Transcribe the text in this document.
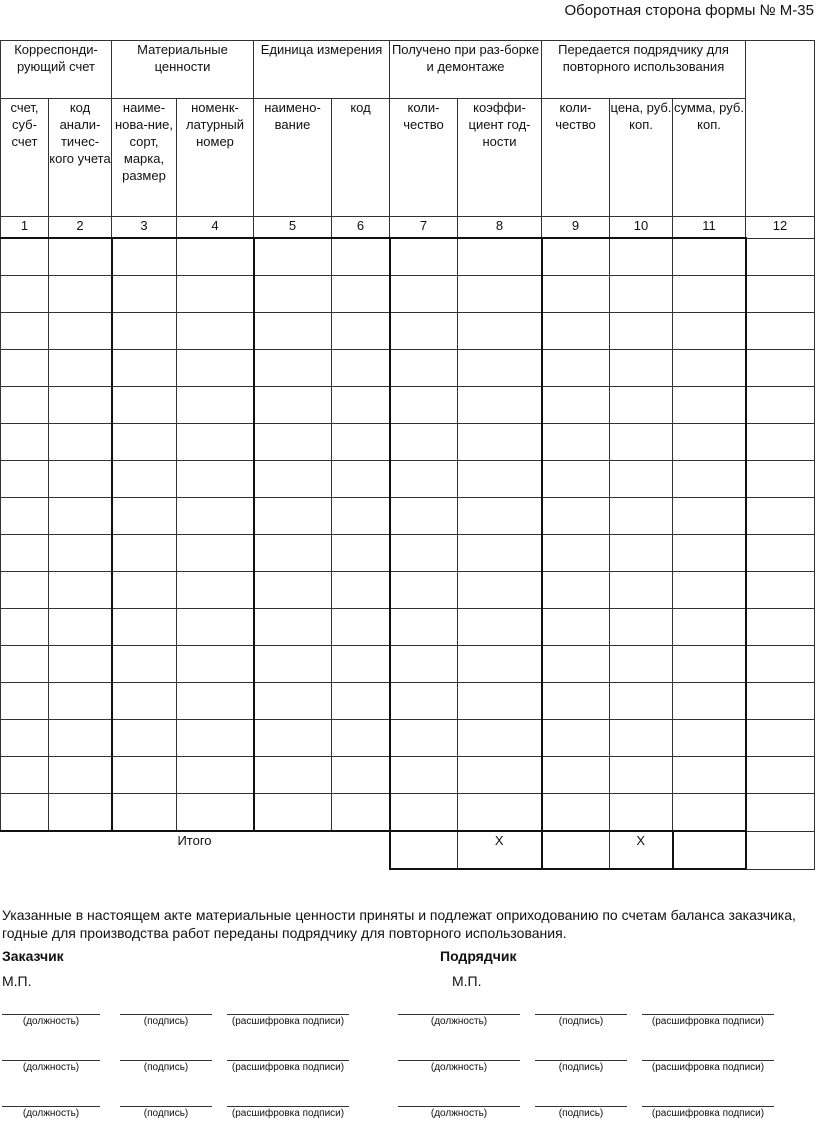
Оборотная сторона формы № М-35
Корреспонди-рующий счет		Материальные ценности		Единица измерения		Получено при раз-борке и демонтаже		Передается подрядчику для повторного использования			
счет, суб-счет	код анали-тичес-кого учета	наиме-нова-ние, сорт, марка, размер	номенк-латурный номер	наимено-вание	код	коли-чество	коэффи-циент год-ности	коли-чество	цена, руб. коп.	сумма, руб. коп.	
1	2	3	4	5	6	7	8	9	10	11	12

Итого							X		X		
Указанные в настоящем акте материальные ценности приняты и подлежат оприходованию по счетам баланса заказчика, годные для производства работ переданы подрядчику для повторного использования.
Заказчик	Подрядчик
М.П.	М.П.
(должность)	(подпись)	(расшифровка подписи)	(должность)	(подпись)	(расшифровка подписи)
(должность)	(подпись)	(расшифровка подписи)	(должность)	(подпись)	(расшифровка подписи)
(должность)	(подпись)	(расшифровка подписи)	(должность)	(подпись)	(расшифровка подписи)
